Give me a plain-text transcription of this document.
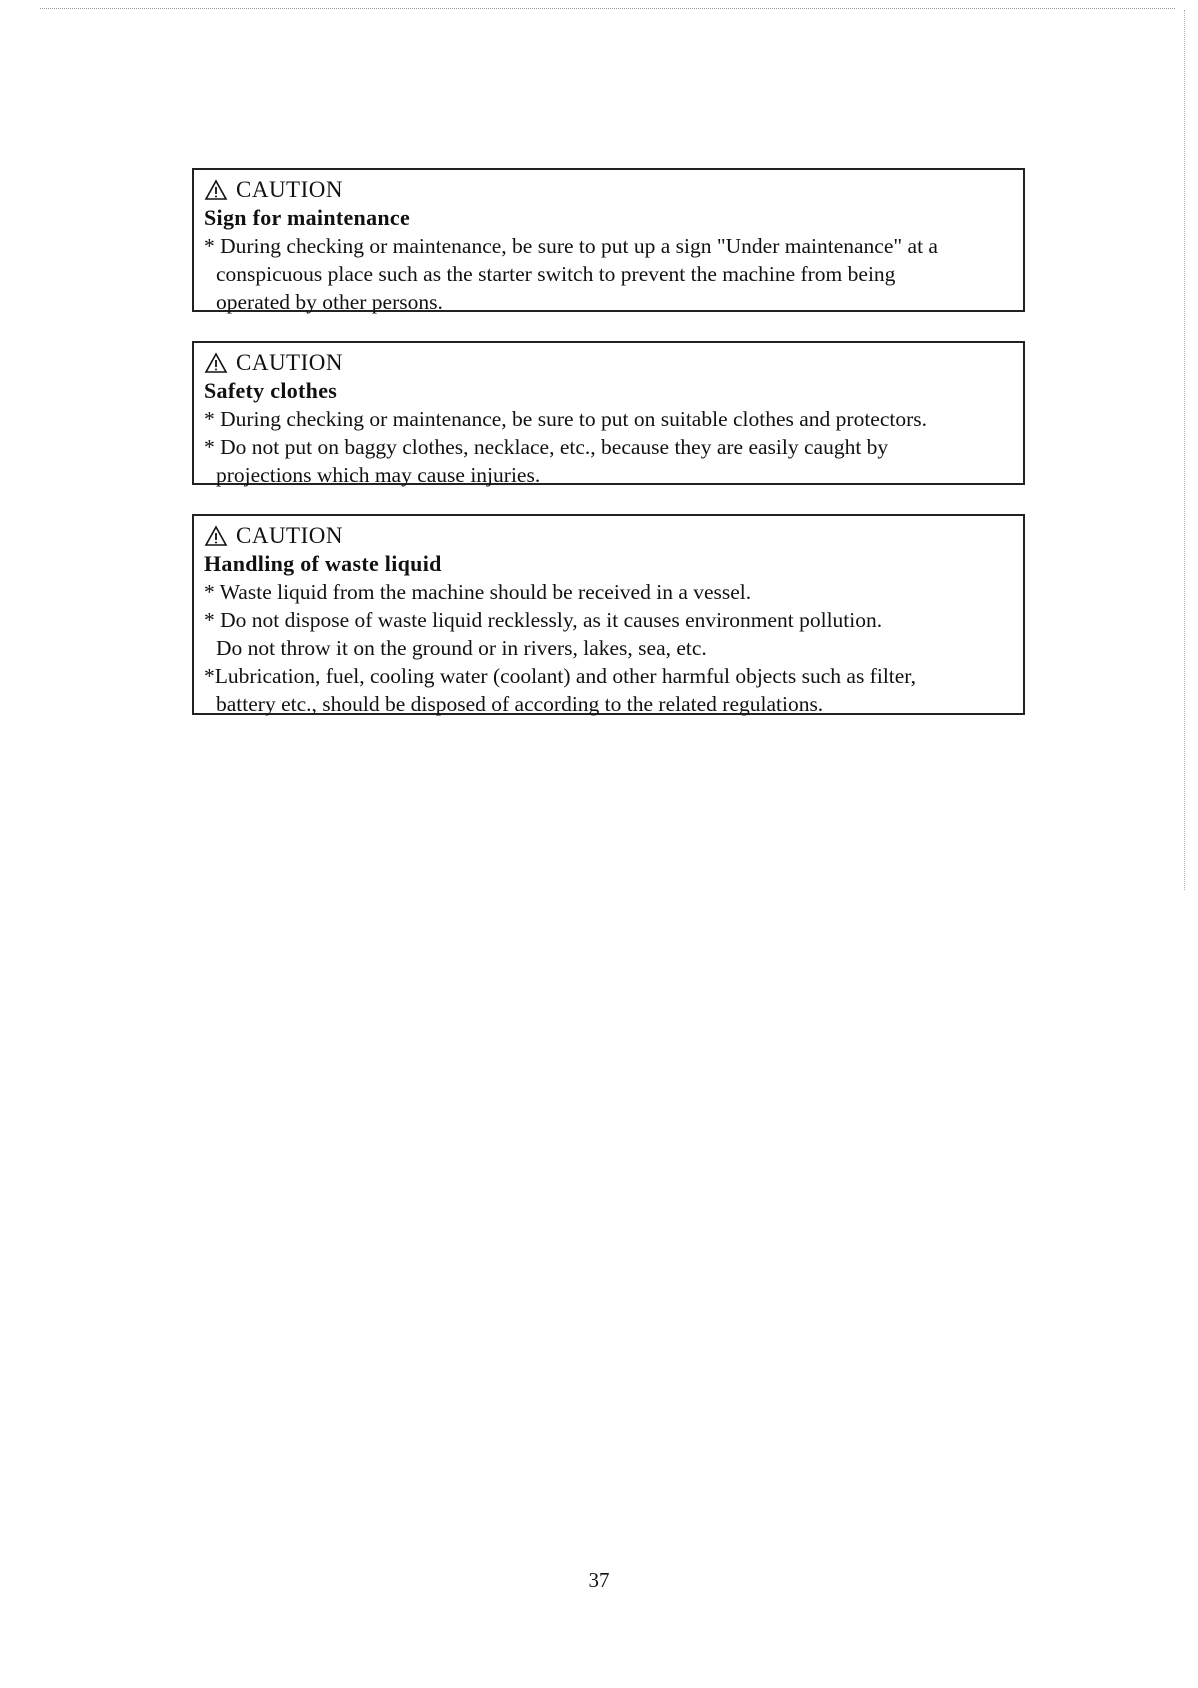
CAUTION

Sign for maintenance

* During checking or maintenance, be sure to put up a sign "Under maintenance" at a
conspicuous place such as the starter switch to prevent the machine from being
operated by other persons.
CAUTION

Safety clothes

* During checking or maintenance, be sure to put on suitable clothes and protectors.
* Do not put on baggy clothes, necklace, etc., because they are easily caught by
projections which may cause injuries.
CAUTION

Handling of waste liquid

* Waste liquid from the machine should be received in a vessel.
* Do not dispose of waste liquid recklessly, as it causes environment pollution.
Do not throw it on the ground or in rivers, lakes, sea, etc.
*Lubrication, fuel, cooling water (coolant) and other harmful objects such as filter,
battery etc., should be disposed of according to the related regulations.
37
